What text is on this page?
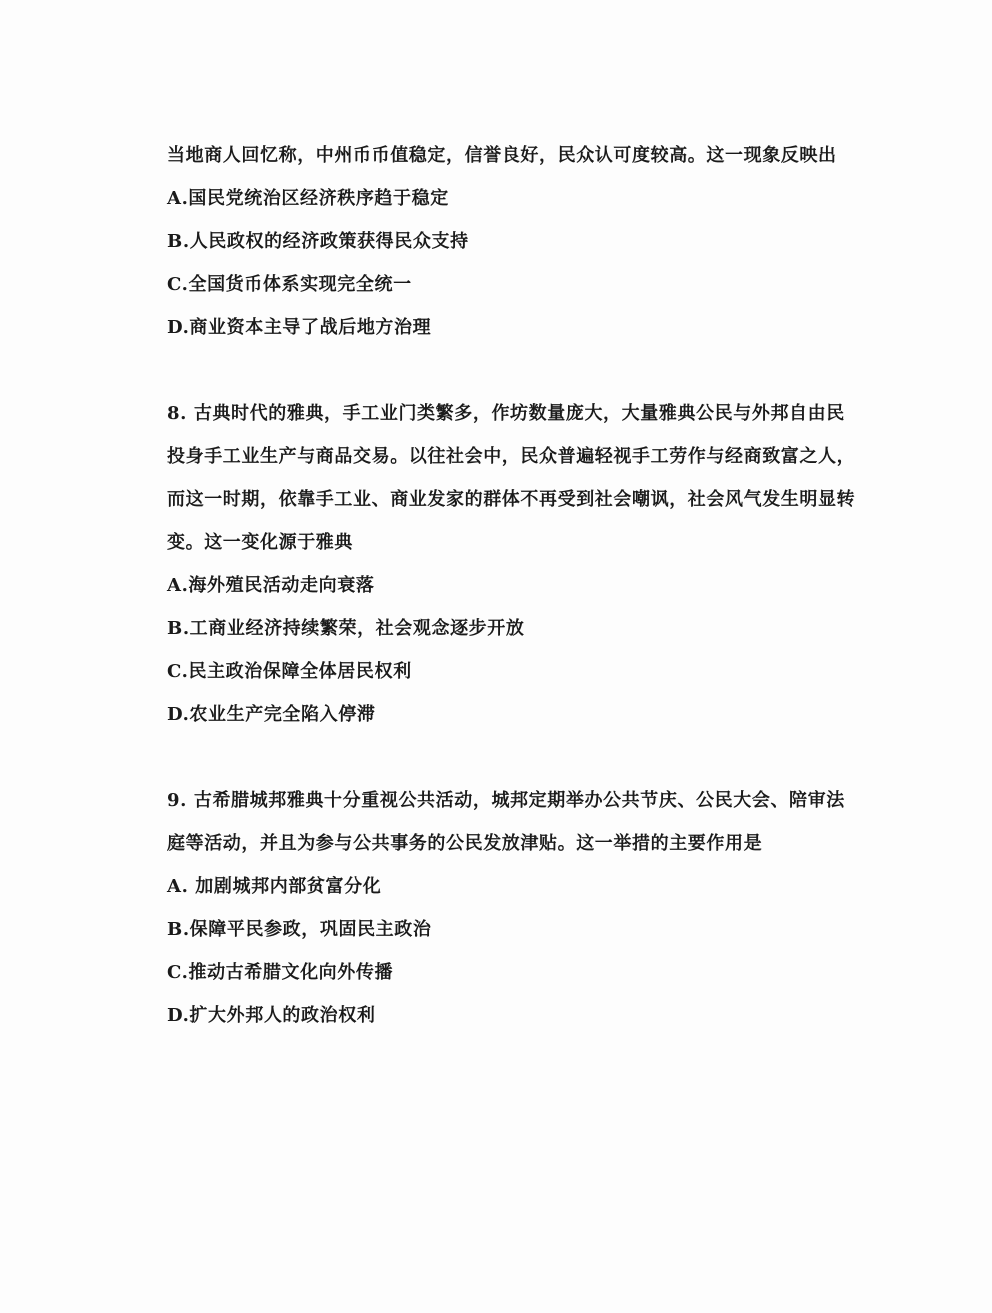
当地商人回忆称，中州币币值稳定，信誉良好，民众认可度较高。这一现象反映出

A.国民党统治区经济秩序趋于稳定

B.人民政权的经济政策获得民众支持

C.全国货币体系实现完全统一

D.商业资本主导了战后地方治理

8. 古典时代的雅典，手工业门类繁多，作坊数量庞大，大量雅典公民与外邦自由民投身手工业生产与商品交易。以往社会中，民众普遍轻视手工劳作与经商致富之人，而这一时期，依靠手工业、商业发家的群体不再受到社会嘲讽，社会风气发生明显转变。这一变化源于雅典

A.海外殖民活动走向衰落

B.工商业经济持续繁荣，社会观念逐步开放

C.民主政治保障全体居民权利

D.农业生产完全陷入停滞

9. 古希腊城邦雅典十分重视公共活动，城邦定期举办公共节庆、公民大会、陪审法庭等活动，并且为参与公共事务的公民发放津贴。这一举措的主要作用是

A. 加剧城邦内部贫富分化

B.保障平民参政，巩固民主政治

C.推动古希腊文化向外传播

D.扩大外邦人的政治权利
